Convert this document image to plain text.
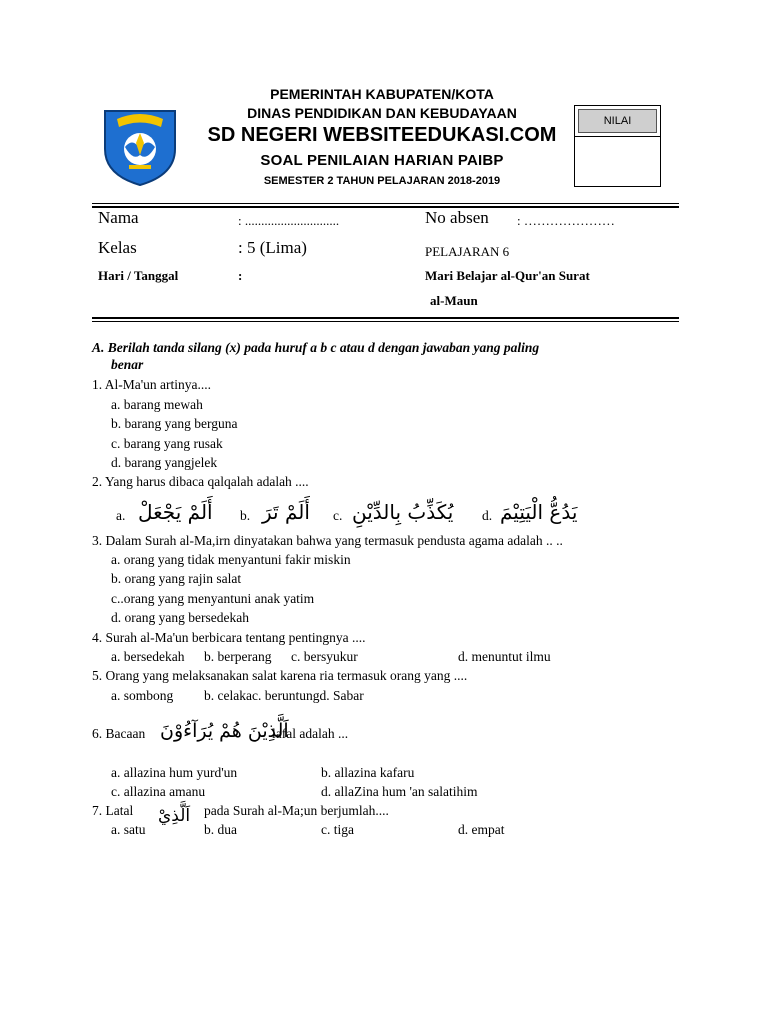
PEMERINTAH KABUPATEN/KOTA
DINAS PENDIDIKAN DAN KEBUDAYAAN
SD NEGERI WEBSITEEDUKASI.COM
SOAL PENILAIAN HARIAN PAIBP
SEMESTER 2 TAHUN PELAJARAN 2018-2019
NILAI
Nama	: .............................	No absen : …………………
Kelas	: 5 (Lima)	PELAJARAN 6
Hari / Tanggal	:	Mari Belajar al-Qur'an Surat
al-Maun
A. Berilah tanda silang (x) pada huruf a b c atau d dengan jawaban yang paling
benar
1. Al-Ma'un artinya....
a. barang mewah
b. barang yang berguna
c. barang yang rusak
d. barang yangjelek
2. Yang harus dibaca qalqalah adalah ....
a. أَلَمْ يَجْعَلْ b. أَلَمْ تَرَ c. يُكَذِّبُ بِالدِّيْنِ d. يَدُعُّ الْيَتِيْمَ
3. Dalam Surah al-Ma,irn dinyatakan bahwa yang termasuk pendusta agama adalah .. ..
a. orang yang tidak menyantuni fakir miskin
b. orang yang rajin salat
c..orang yang menyantuni anak yatim
d. orang yang bersedekah
4. Surah al-Ma'un berbicara tentang pentingnya ....
a. bersedekah b. berperang c. bersyukur	d. menuntut ilmu
5. Orang yang melaksanakan salat karena ria termasuk orang yang ....
a. sombong b. celakac. beruntungd. Sabar
6. Bacaan اَلَّذِيْنَ هُمْ يُرَآءُوْنَ
lafal adalah ...
a. allazina hum yurd'un	b. allazina kafaru
c. allazina amanu	d. allaZina hum 'an salatihim
7. Latal اَلَّذِيْ pada Surah al-Ma;un berjumlah....
a. satu	b. dua	c. tiga	d. empat
